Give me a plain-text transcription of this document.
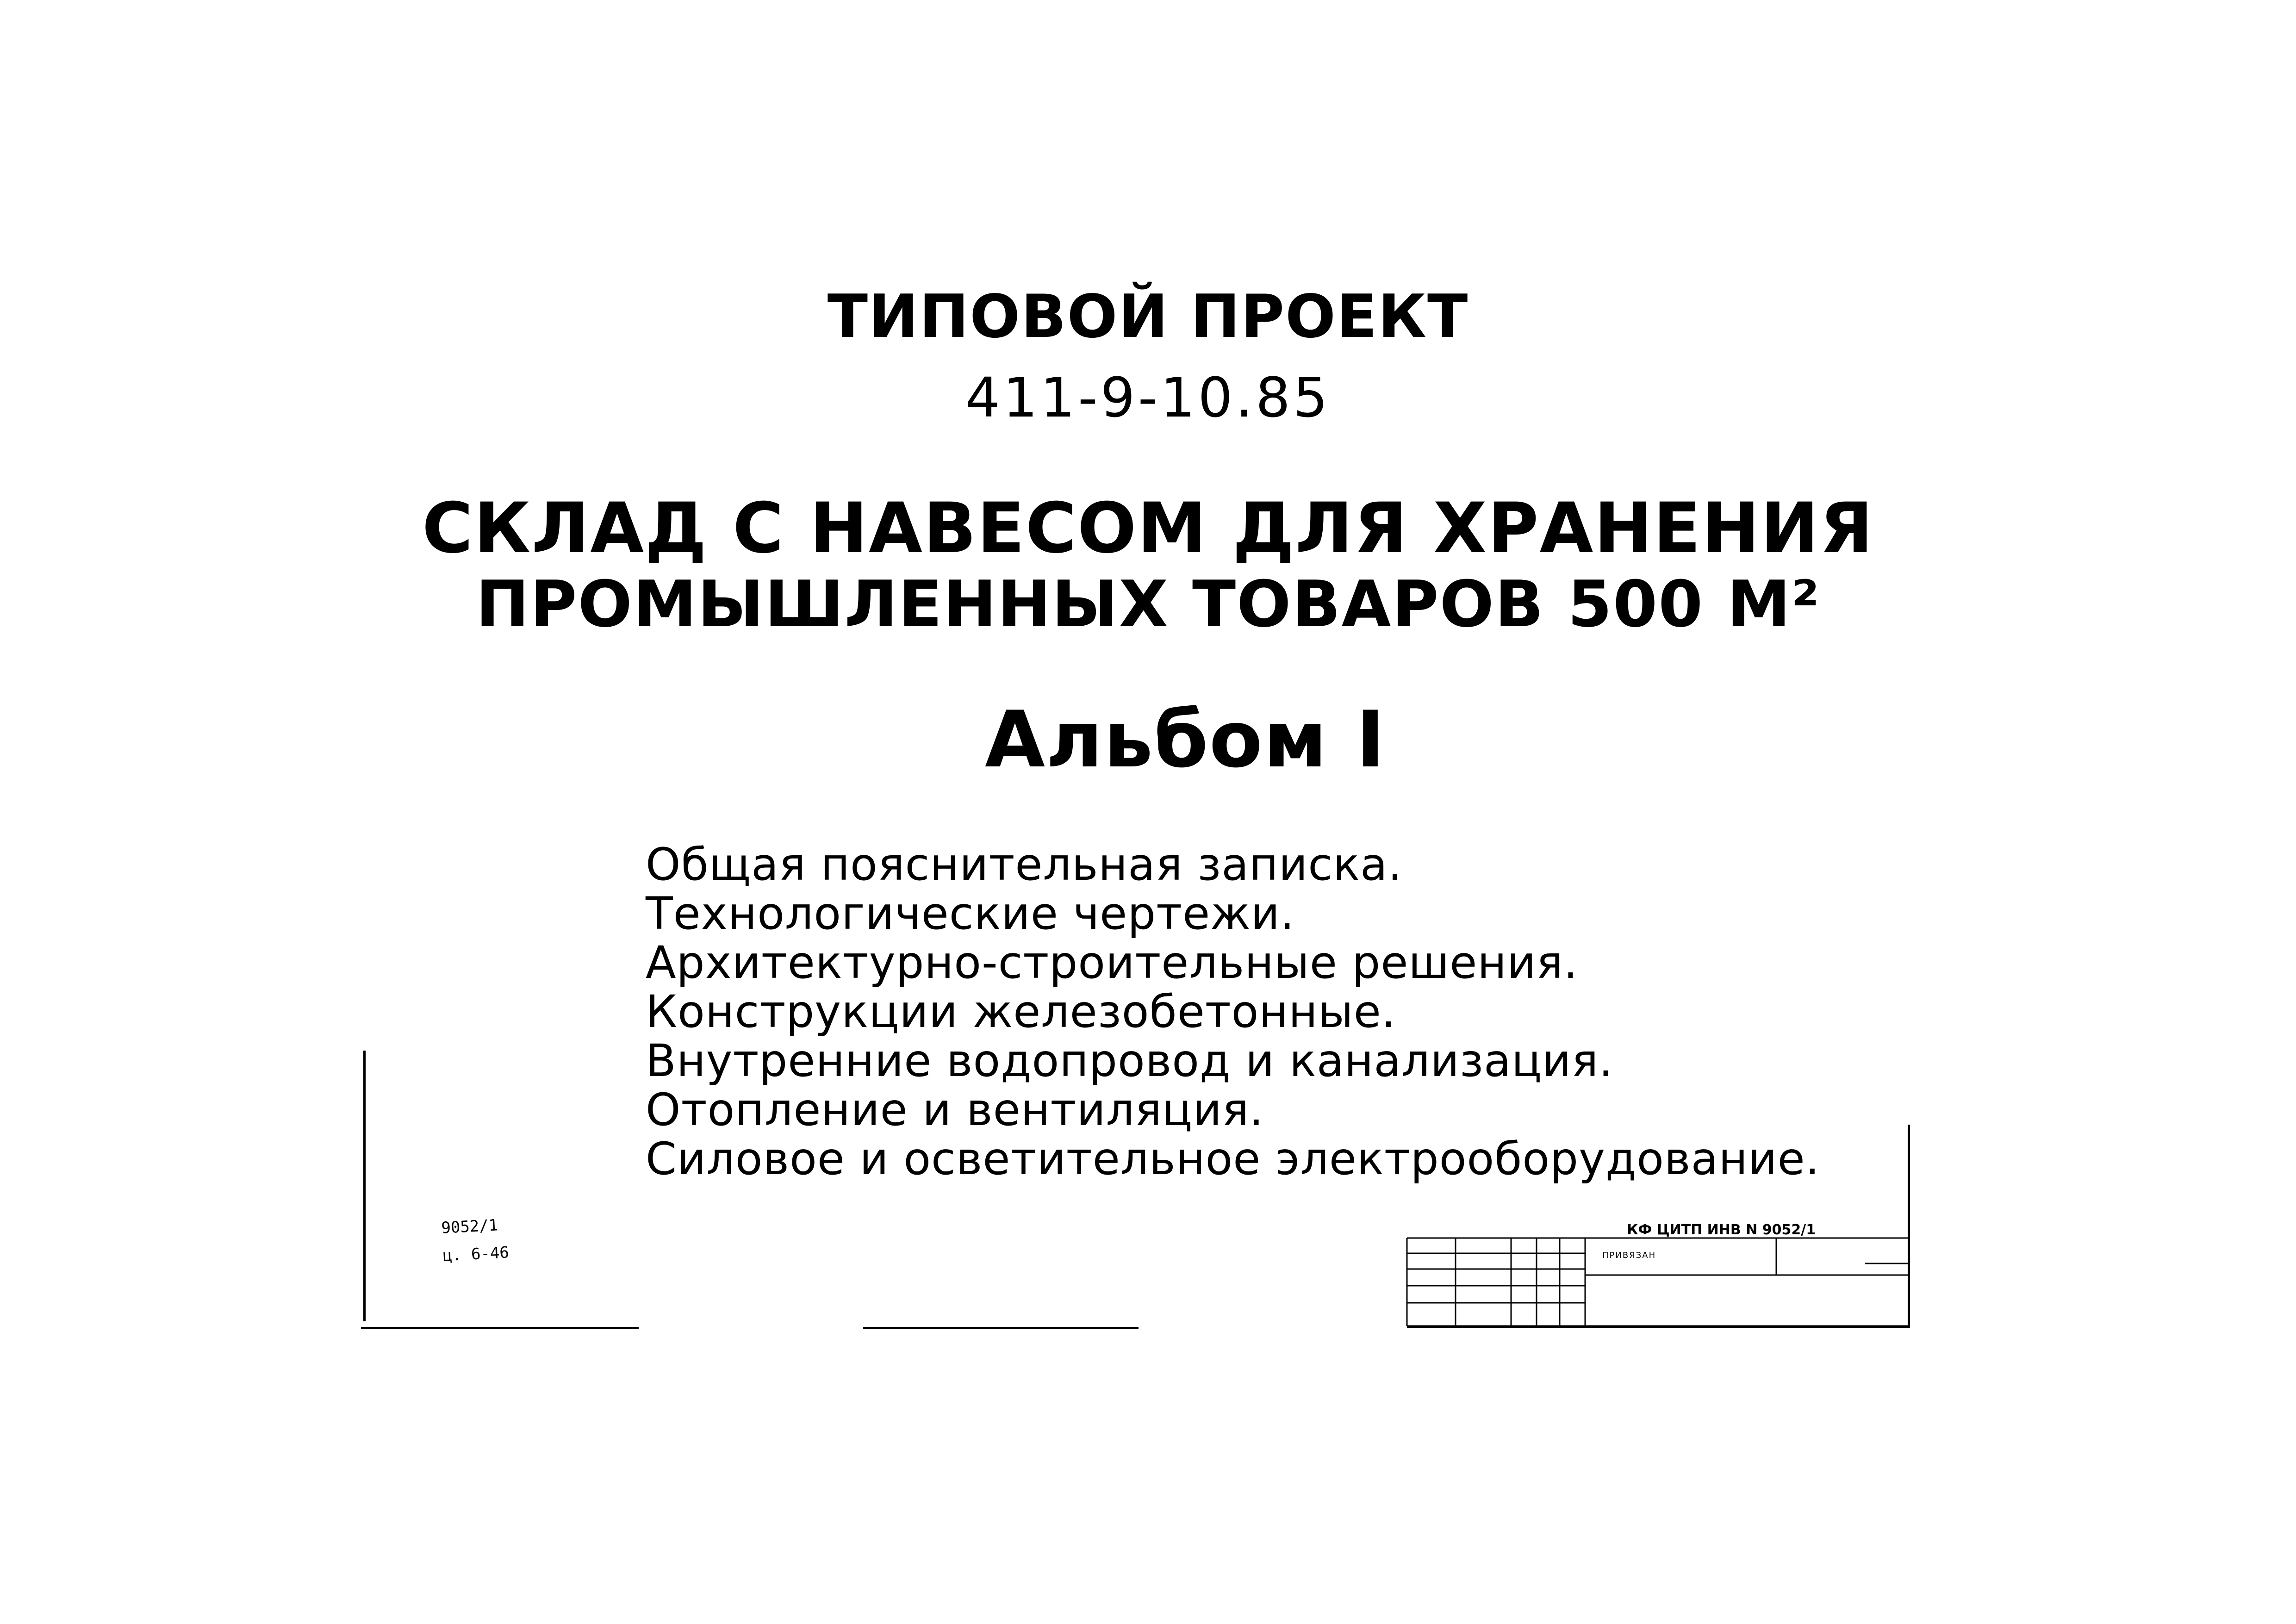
ТИПОВОЙ ПРОЕКТ
411-9-10.85
СКЛАД С НАВЕСОМ ДЛЯ ХРАНЕНИЯ
ПРОМЫШЛЕННЫХ ТОВАРОВ 500 М²
Альбом I
Общая пояснительная записка.
Технологические чертежи.
Архитектурно-строительные решения.
Конструкции железобетонные.
Внутренние водопровод и канализация.
Отопление и вентиляция.
Силовое и осветительное электрооборудование.
9052/1
ц. 6-46
КФ ЦИТП ИНВ N 9052/1
ПРИВЯЗАН
